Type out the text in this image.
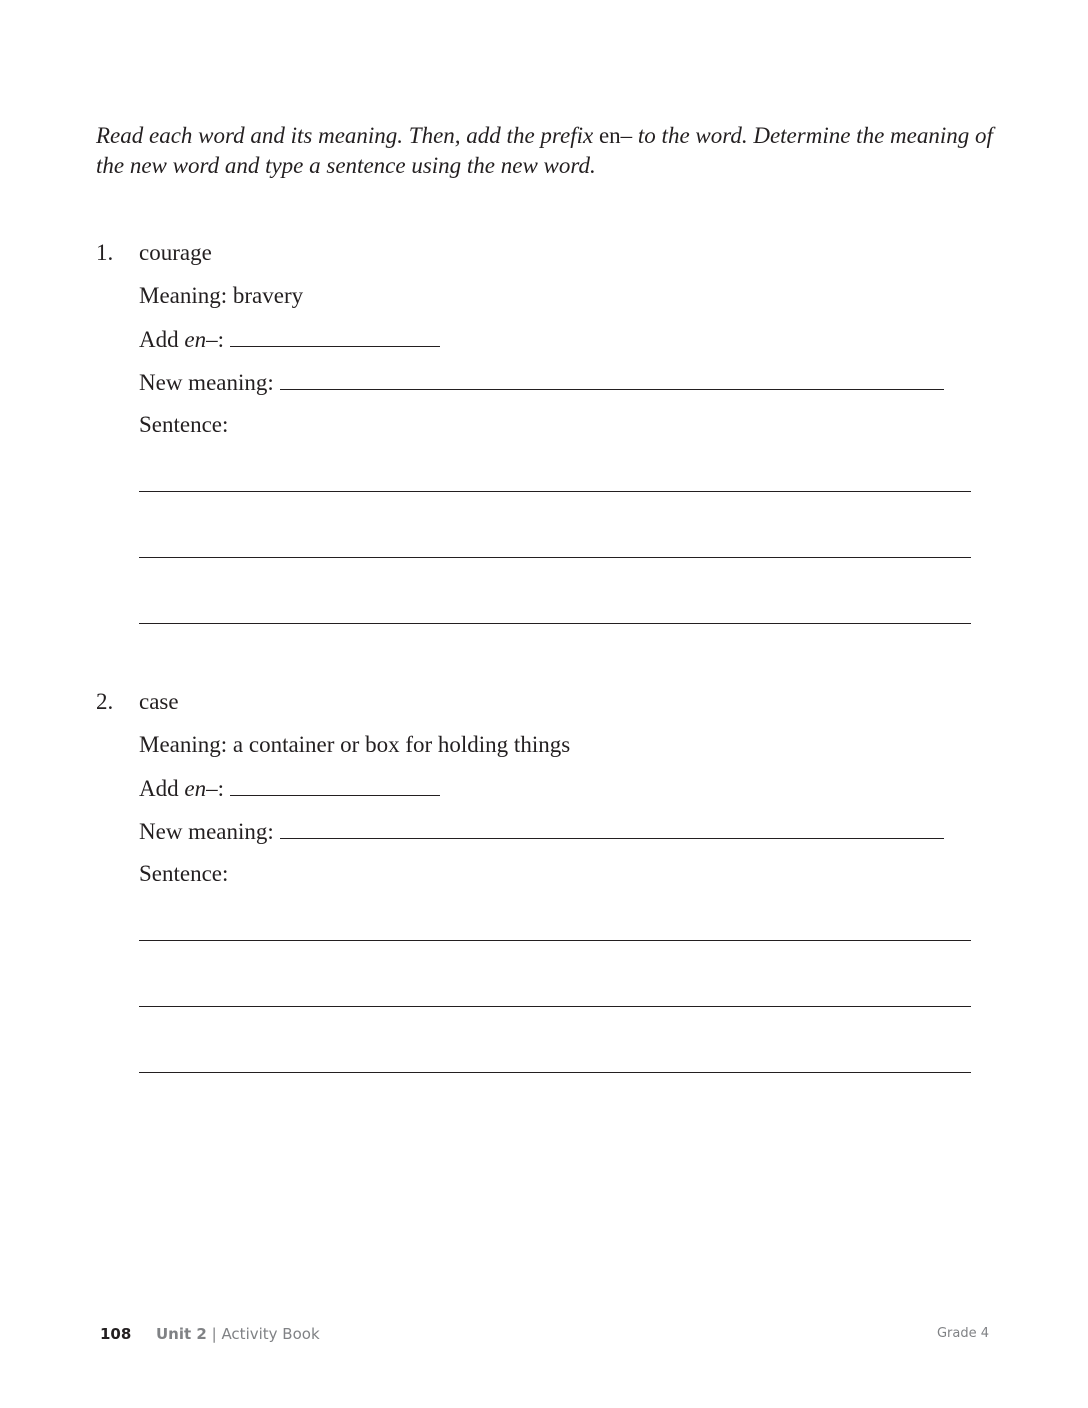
Read each word and its meaning. Then, add the prefix en– to the word. Determine the meaning of the new word and type a sentence using the new word.
1. courage
Meaning: bravery
Add en–:
New meaning:
Sentence:
2. case
Meaning: a container or box for holding things
Add en–:
New meaning:
Sentence:
108 Unit 2 | Activity Book	Grade 4
